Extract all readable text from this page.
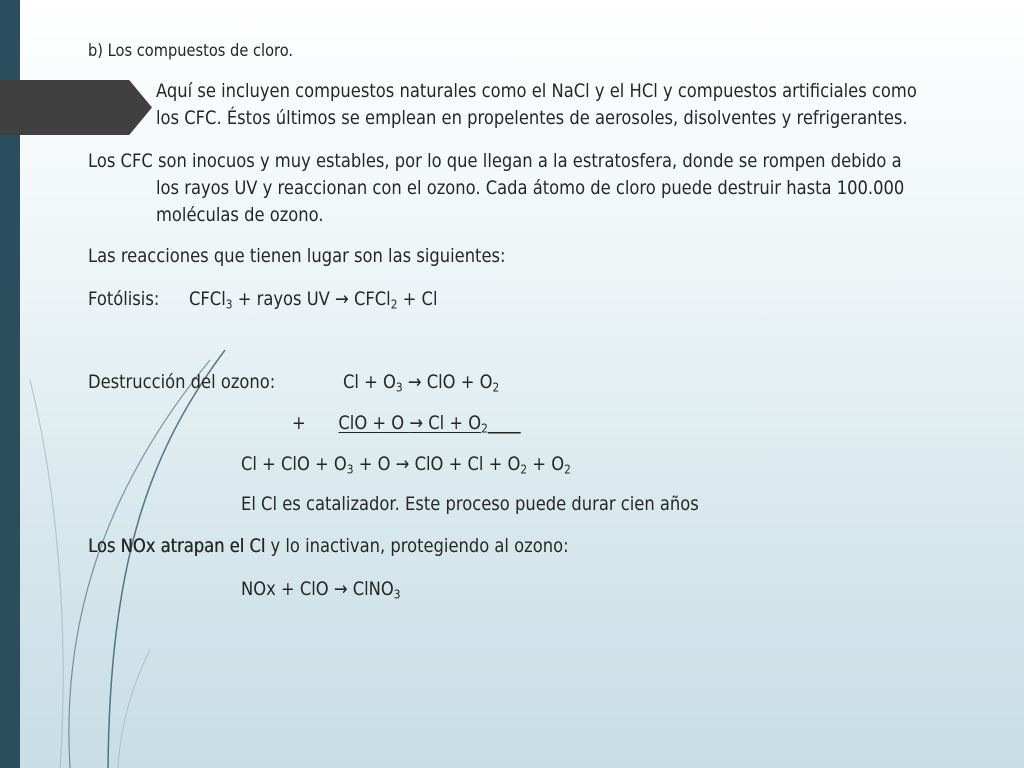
b) Los compuestos de cloro.
Aquí se incluyen compuestos naturales como el NaCl y el HCl y compuestos artificiales como
los CFC. Éstos últimos se emplean en propelentes de aerosoles, disolventes y refrigerantes.
Los CFC son inocuos y muy estables, por lo que llegan a la estratosfera, donde se rompen debido a
los rayos UV y reaccionan con el ozono. Cada átomo de cloro puede destruir hasta 100.000
moléculas de ozono.
Las reacciones que tienen lugar son las siguientes:
Fotólisis:	CFCl$_3$ + rayos UV → CFCl$_2$ + Cl
Destrucción del ozono:	$Cl + O_3$ → ClO + $O_2$
+	ClO + $O \to Cl + O_2\_\_\_\_$
Cl + ClO + $O_3 + O$ → ClO + $Cl + O_2 + O_2$
El Cl es catalizador. Este proceso puede durar cien años
Los NOx atrapan el Cl y lo inactivan, protegiendo al ozono:
NOx + ClO → ClNO$_3$
